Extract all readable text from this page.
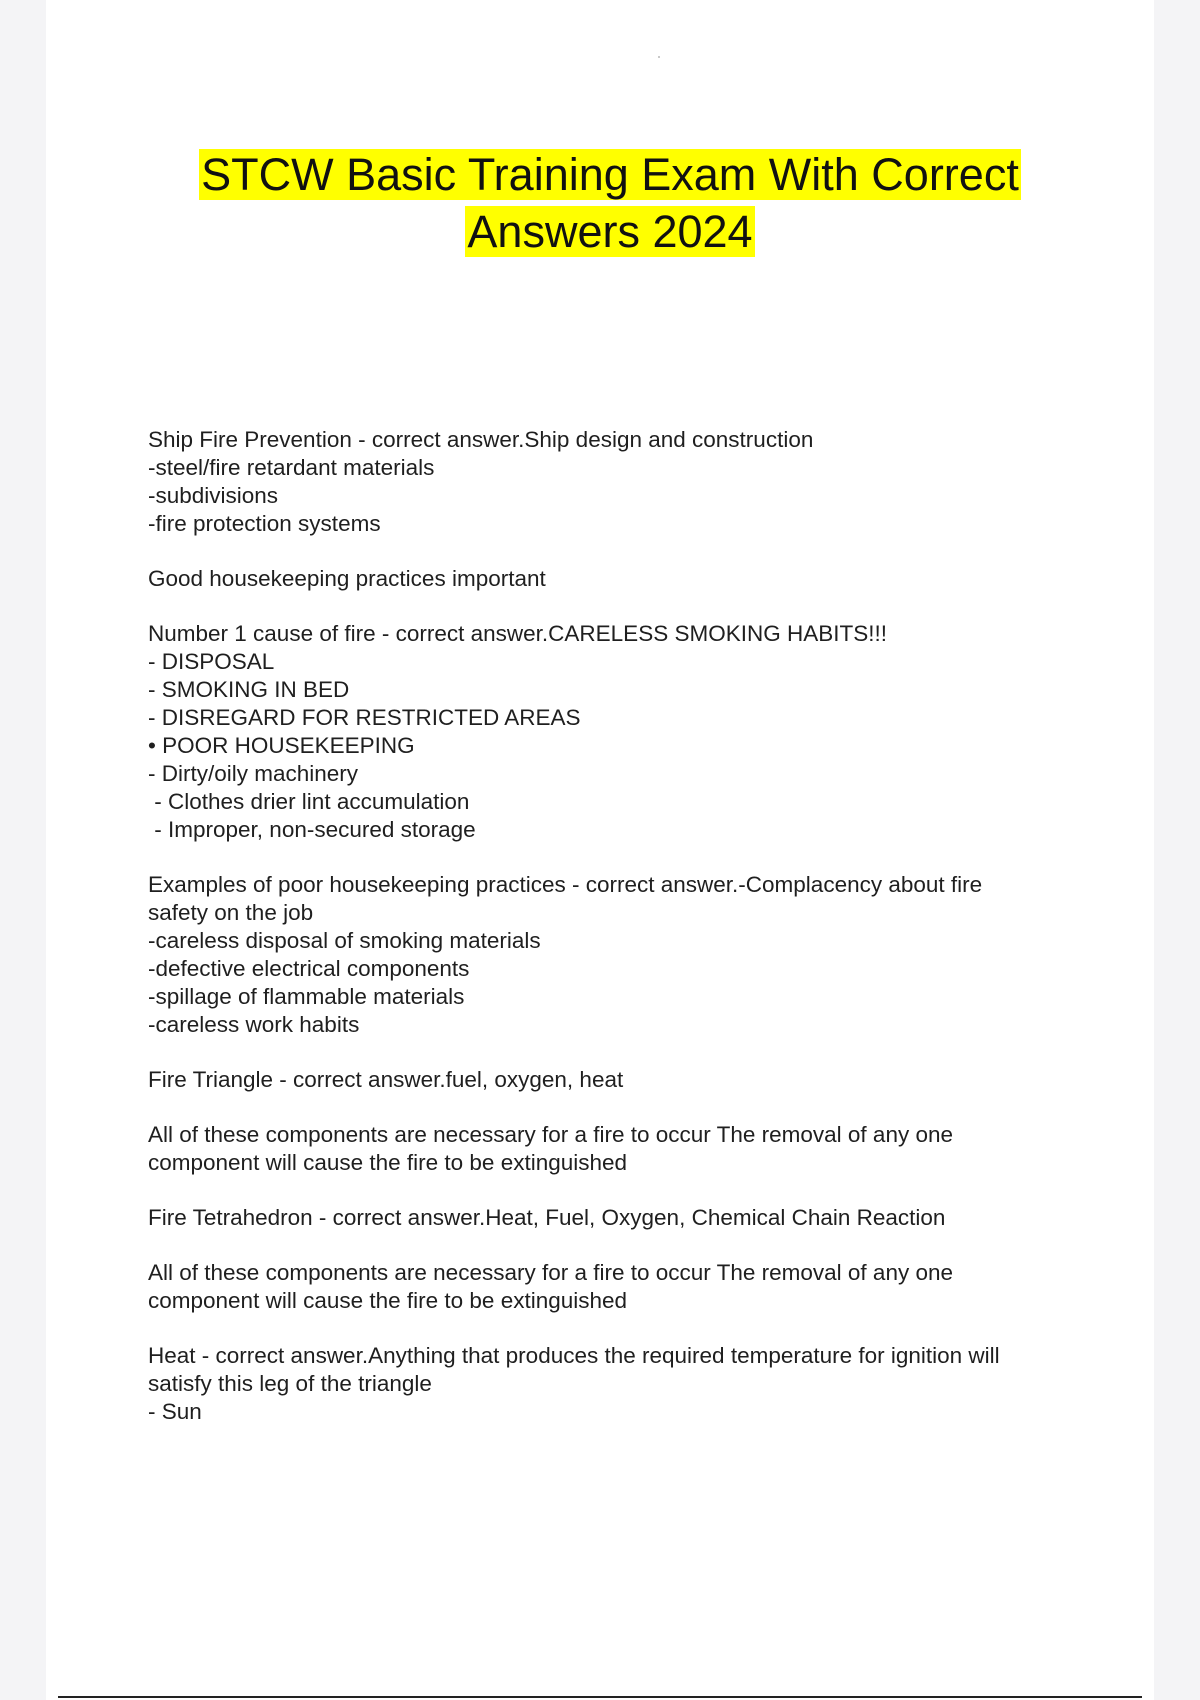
STCW Basic Training Exam With Correct
Answers 2024
Ship Fire Prevention - correct answer.Ship design and construction
-steel/fire retardant materials
-subdivisions
-fire protection systems
Good housekeeping practices important
Number 1 cause of fire - correct answer.CARELESS SMOKING HABITS!!!
- DISPOSAL
- SMOKING IN BED
- DISREGARD FOR RESTRICTED AREAS
• POOR HOUSEKEEPING
- Dirty/oily machinery
- Clothes drier lint accumulation
- Improper, non-secured storage
Examples of poor housekeeping practices - correct answer.-Complacency about fire
safety on the job
-careless disposal of smoking materials
-defective electrical components
-spillage of flammable materials
-careless work habits
Fire Triangle - correct answer.fuel, oxygen, heat
All of these components are necessary for a fire to occur The removal of any one
component will cause the fire to be extinguished
Fire Tetrahedron - correct answer.Heat, Fuel, Oxygen, Chemical Chain Reaction
All of these components are necessary for a fire to occur The removal of any one
component will cause the fire to be extinguished
Heat - correct answer.Anything that produces the required temperature for ignition will
satisfy this leg of the triangle
- Sun
